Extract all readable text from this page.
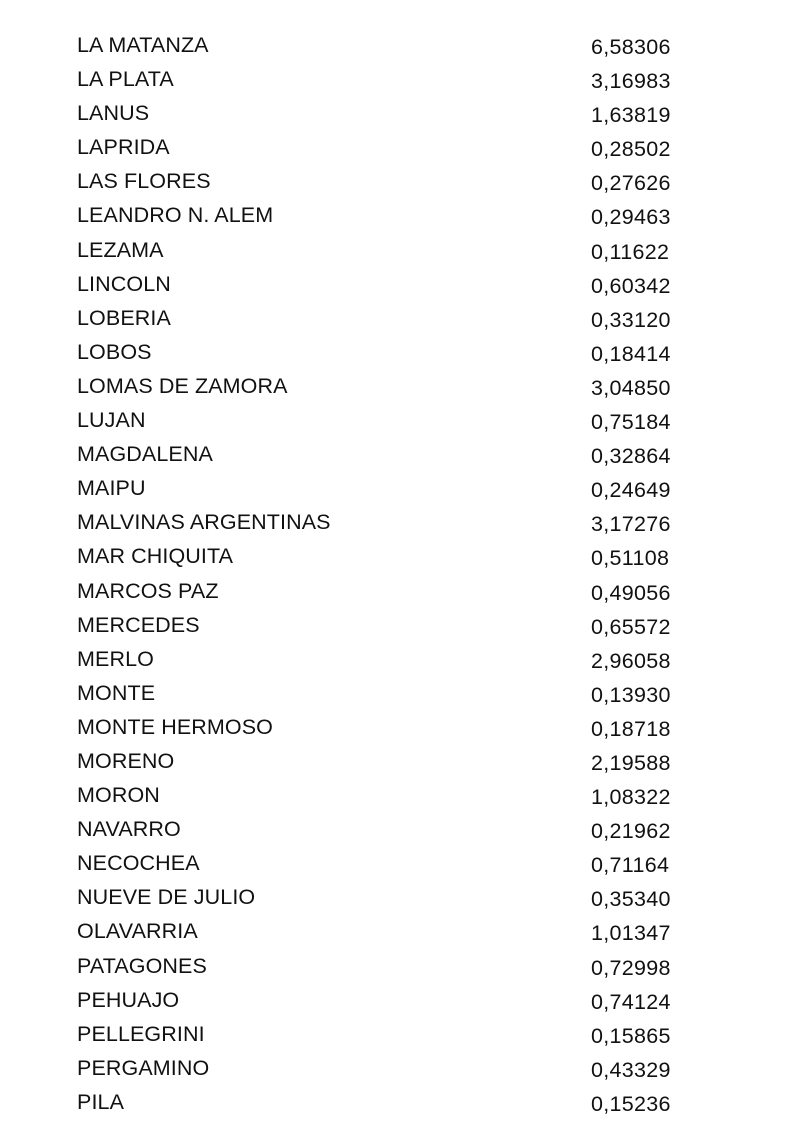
LA MATANZA	6,58306
LA PLATA	3,16983
LANUS	1,63819
LAPRIDA	0,28502
LAS FLORES	0,27626
LEANDRO N. ALEM	0,29463
LEZAMA	0,11622
LINCOLN	0,60342
LOBERIA	0,33120
LOBOS	0,18414
LOMAS DE ZAMORA	3,04850
LUJAN	0,75184
MAGDALENA	0,32864
MAIPU	0,24649
MALVINAS ARGENTINAS	3,17276
MAR CHIQUITA	0,51108
MARCOS PAZ	0,49056
MERCEDES	0,65572
MERLO	2,96058
MONTE	0,13930
MONTE HERMOSO	0,18718
MORENO	2,19588
MORON	1,08322
NAVARRO	0,21962
NECOCHEA	0,71164
NUEVE DE JULIO	0,35340
OLAVARRIA	1,01347
PATAGONES	0,72998
PEHUAJO	0,74124
PELLEGRINI	0,15865
PERGAMINO	0,43329
PILA	0,15236
